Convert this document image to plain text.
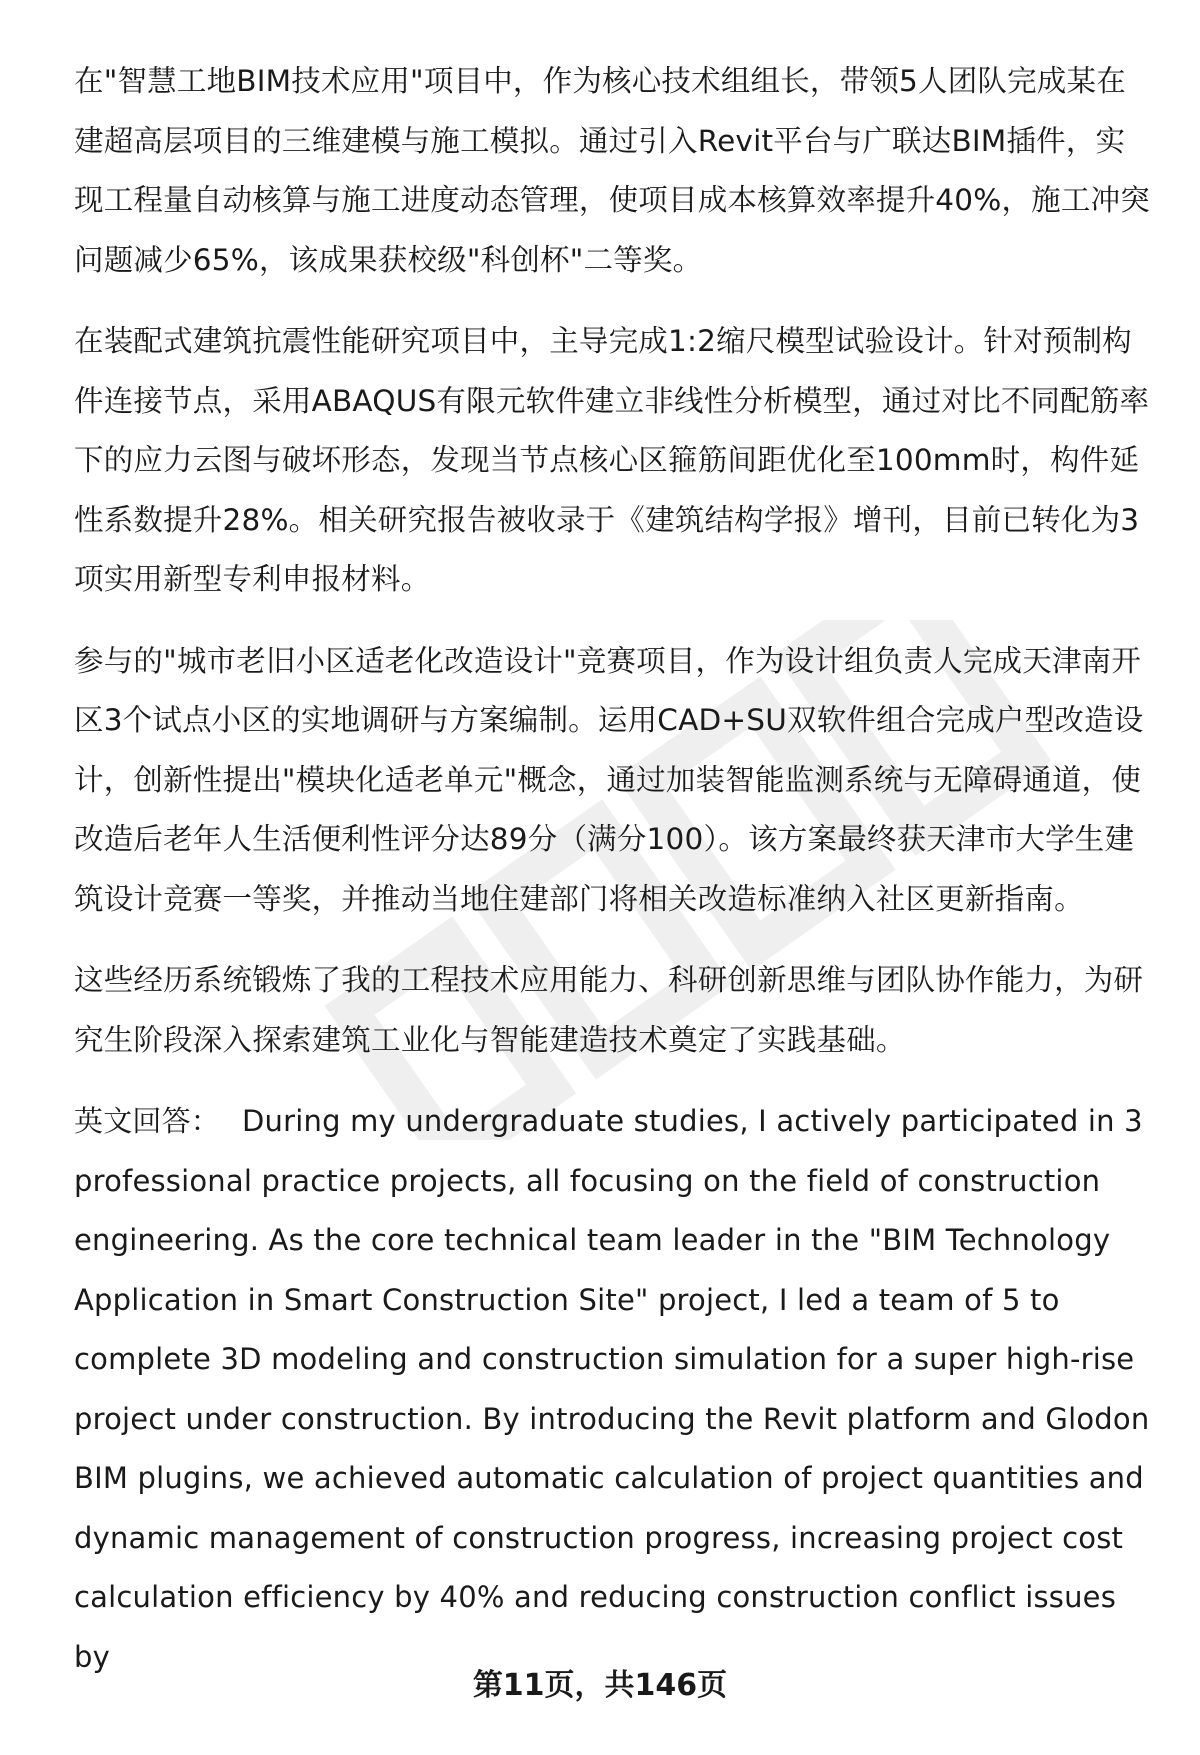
在"智慧工地BIM技术应用"项目中，作为核心技术组组长，带领5人团队完成某在建超高层项目的三维建模与施工模拟。通过引入Revit平台与广联达BIM插件，实现工程量自动核算与施工进度动态管理，使项目成本核算效率提升40%，施工冲突问题减少65%，该成果获校级"科创杯"二等奖。

在装配式建筑抗震性能研究项目中，主导完成1:2缩尺模型试验设计。针对预制构件连接节点，采用ABAQUS有限元软件建立非线性分析模型，通过对比不同配筋率下的应力云图与破坏形态，发现当节点核心区箍筋间距优化至100mm时，构件延性系数提升28%。相关研究报告被收录于《建筑结构学报》增刊，目前已转化为3项实用新型专利申报材料。

参与的"城市老旧小区适老化改造设计"竞赛项目，作为设计组负责人完成天津南开区3个试点小区的实地调研与方案编制。运用CAD+SU双软件组合完成户型改造设计，创新性提出"模块化适老单元"概念，通过加装智能监测系统与无障碍通道，使改造后老年人生活便利性评分达89分（满分100）。该方案最终获天津市大学生建筑设计竞赛一等奖，并推动当地住建部门将相关改造标准纳入社区更新指南。

这些经历系统锻炼了我的工程技术应用能力、科研创新思维与团队协作能力，为研究生阶段深入探索建筑工业化与智能建造技术奠定了实践基础。

英文回答： During my undergraduate studies, I actively participated in 3 professional practice projects, all focusing on the field of construction engineering. As the core technical team leader in the "BIM Technology Application in Smart Construction Site" project, I led a team of 5 to complete 3D modeling and construction simulation for a super high-rise project under construction. By introducing the Revit platform and Glodon BIM plugins, we achieved automatic calculation of project quantities and dynamic management of construction progress, increasing project cost calculation efficiency by 40% and reducing construction conflict issues by

第11页，共146页
